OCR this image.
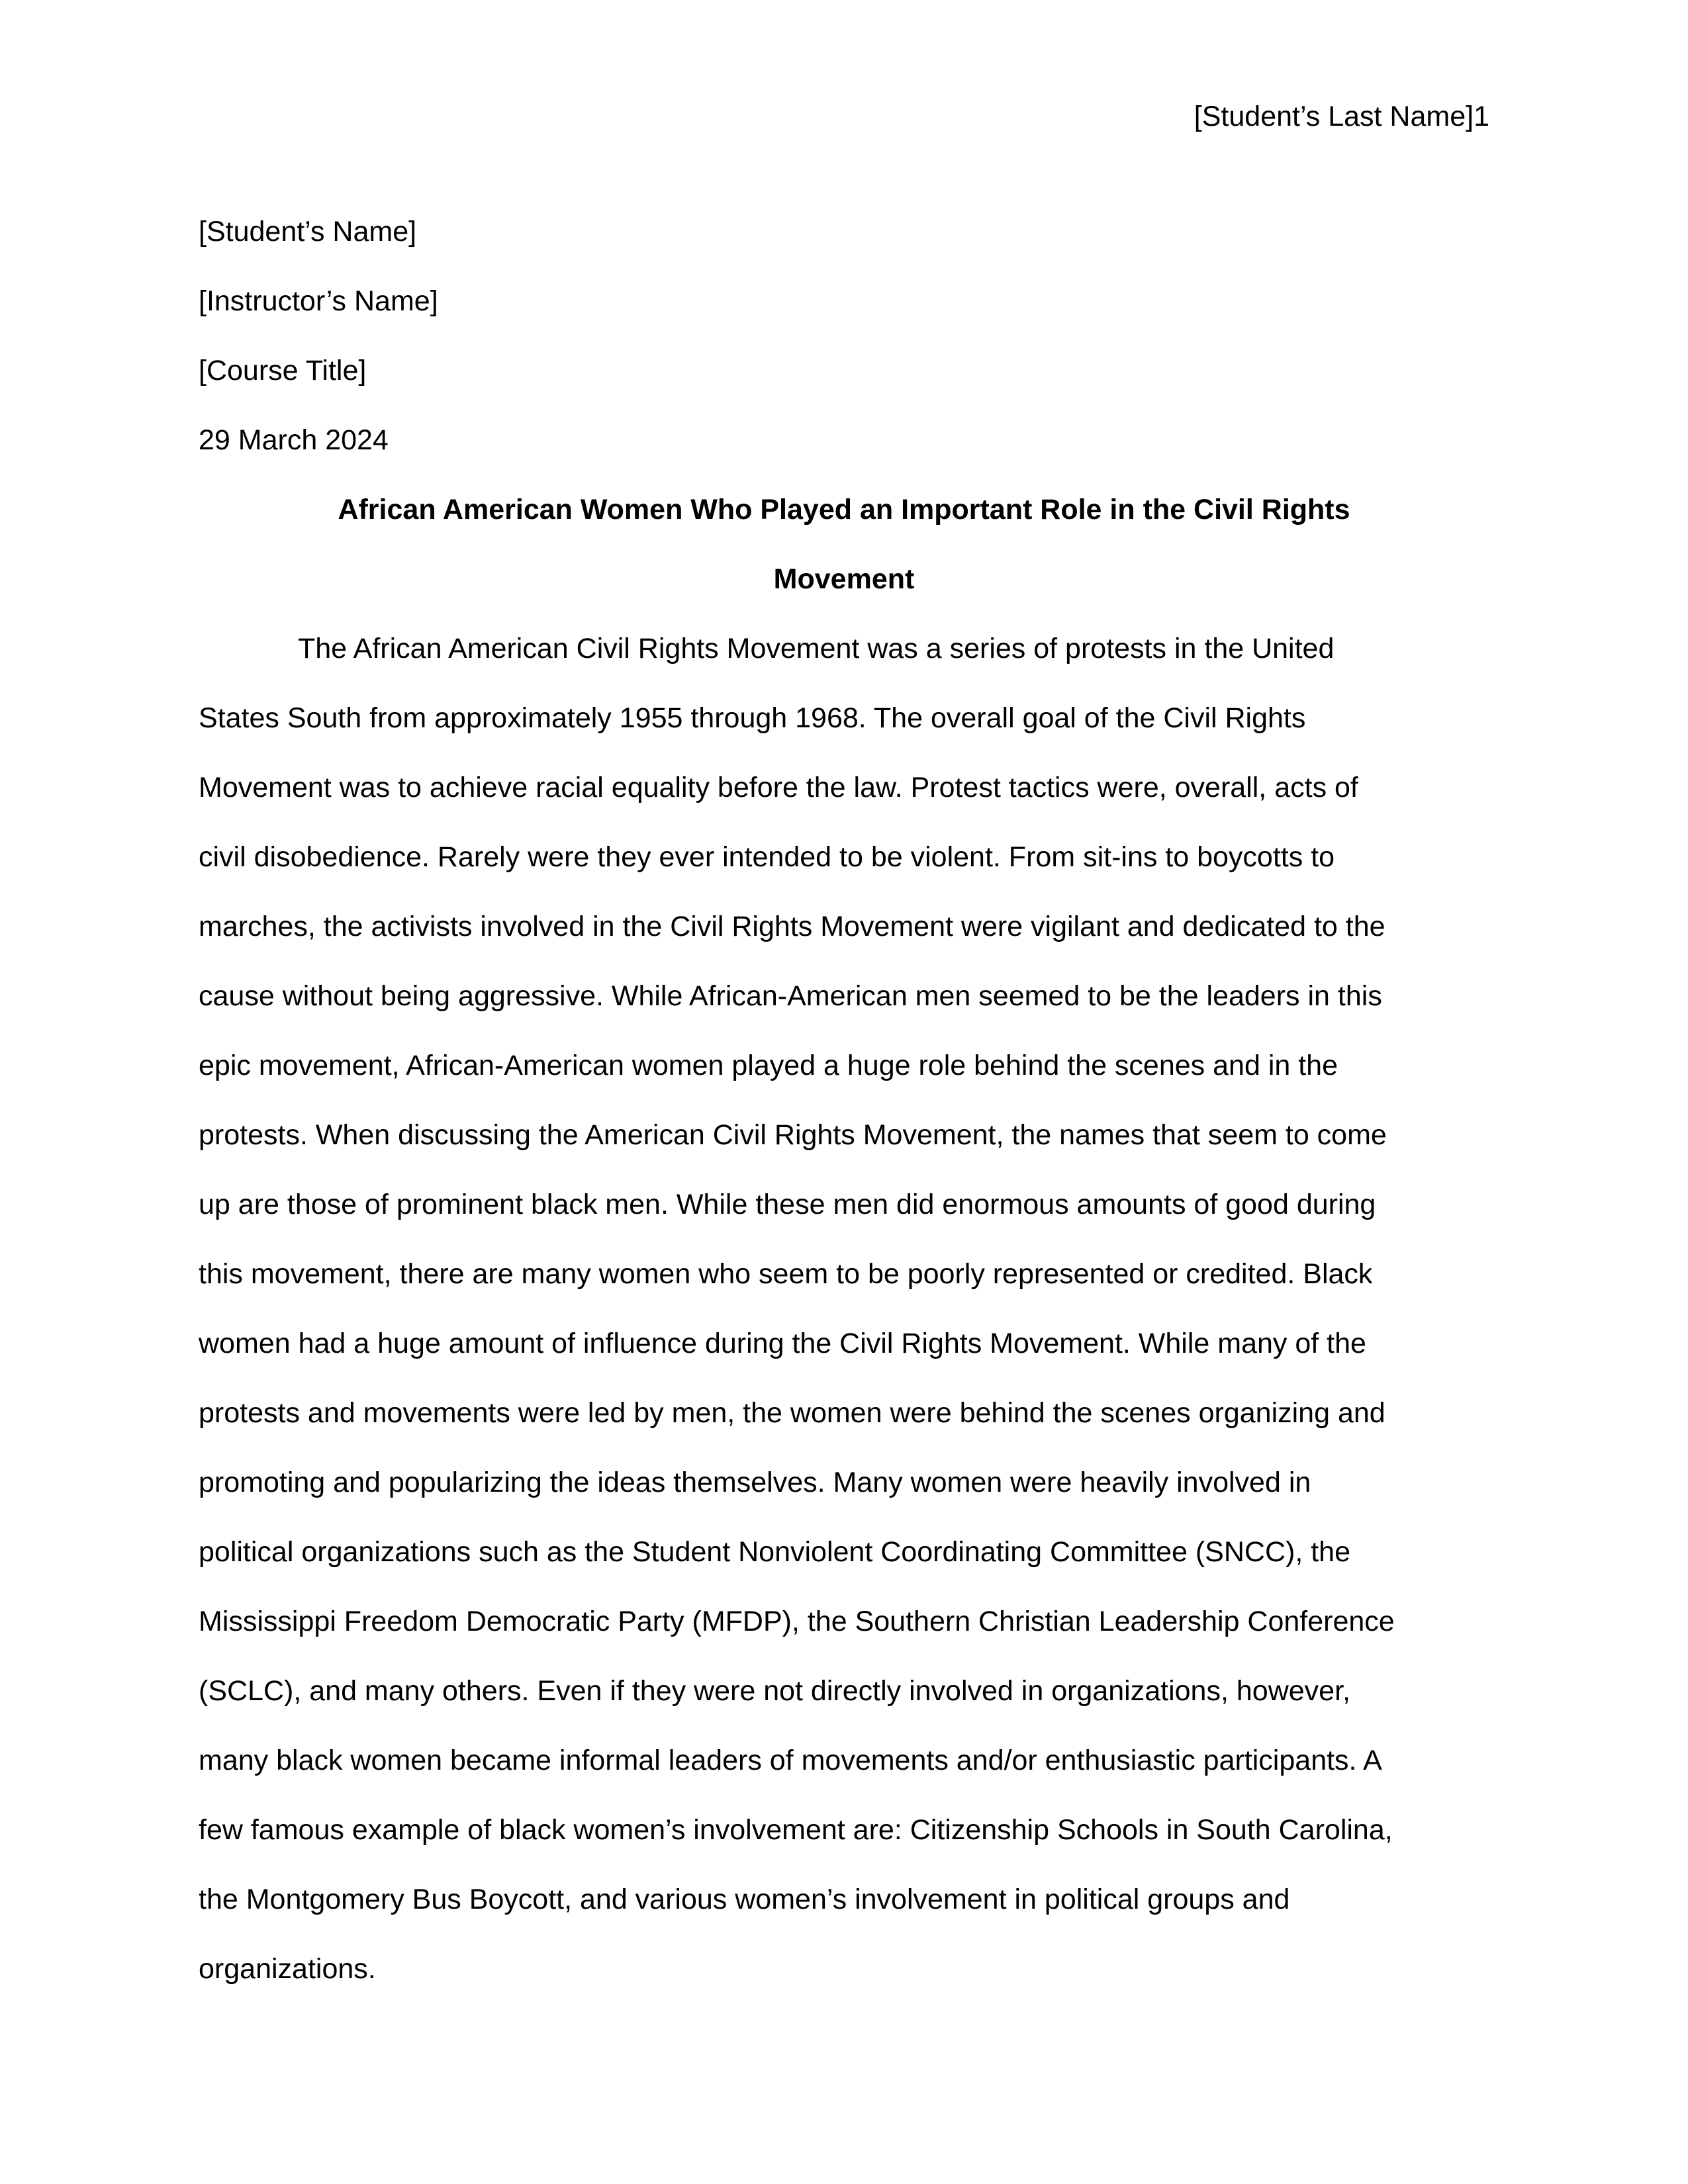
[Student’s Last Name]1

[Student’s Name]

[Instructor’s Name]

[Course Title]

29 March 2024

African American Women Who Played an Important Role in the Civil Rights

Movement

The African American Civil Rights Movement was a series of protests in the United
States South from approximately 1955 through 1968. The overall goal of the Civil Rights
Movement was to achieve racial equality before the law. Protest tactics were, overall, acts of
civil disobedience. Rarely were they ever intended to be violent. From sit-ins to boycotts to
marches, the activists involved in the Civil Rights Movement were vigilant and dedicated to the
cause without being aggressive. While African-American men seemed to be the leaders in this
epic movement, African-American women played a huge role behind the scenes and in the
protests. When discussing the American Civil Rights Movement, the names that seem to come
up are those of prominent black men. While these men did enormous amounts of good during
this movement, there are many women who seem to be poorly represented or credited. Black
women had a huge amount of influence during the Civil Rights Movement. While many of the
protests and movements were led by men, the women were behind the scenes organizing and
promoting and popularizing the ideas themselves. Many women were heavily involved in
political organizations such as the Student Nonviolent Coordinating Committee (SNCC), the
Mississippi Freedom Democratic Party (MFDP), the Southern Christian Leadership Conference
(SCLC), and many others. Even if they were not directly involved in organizations, however,
many black women became informal leaders of movements and/or enthusiastic participants. A
few famous example of black women’s involvement are: Citizenship Schools in South Carolina,
the Montgomery Bus Boycott, and various women’s involvement in political groups and
organizations.
